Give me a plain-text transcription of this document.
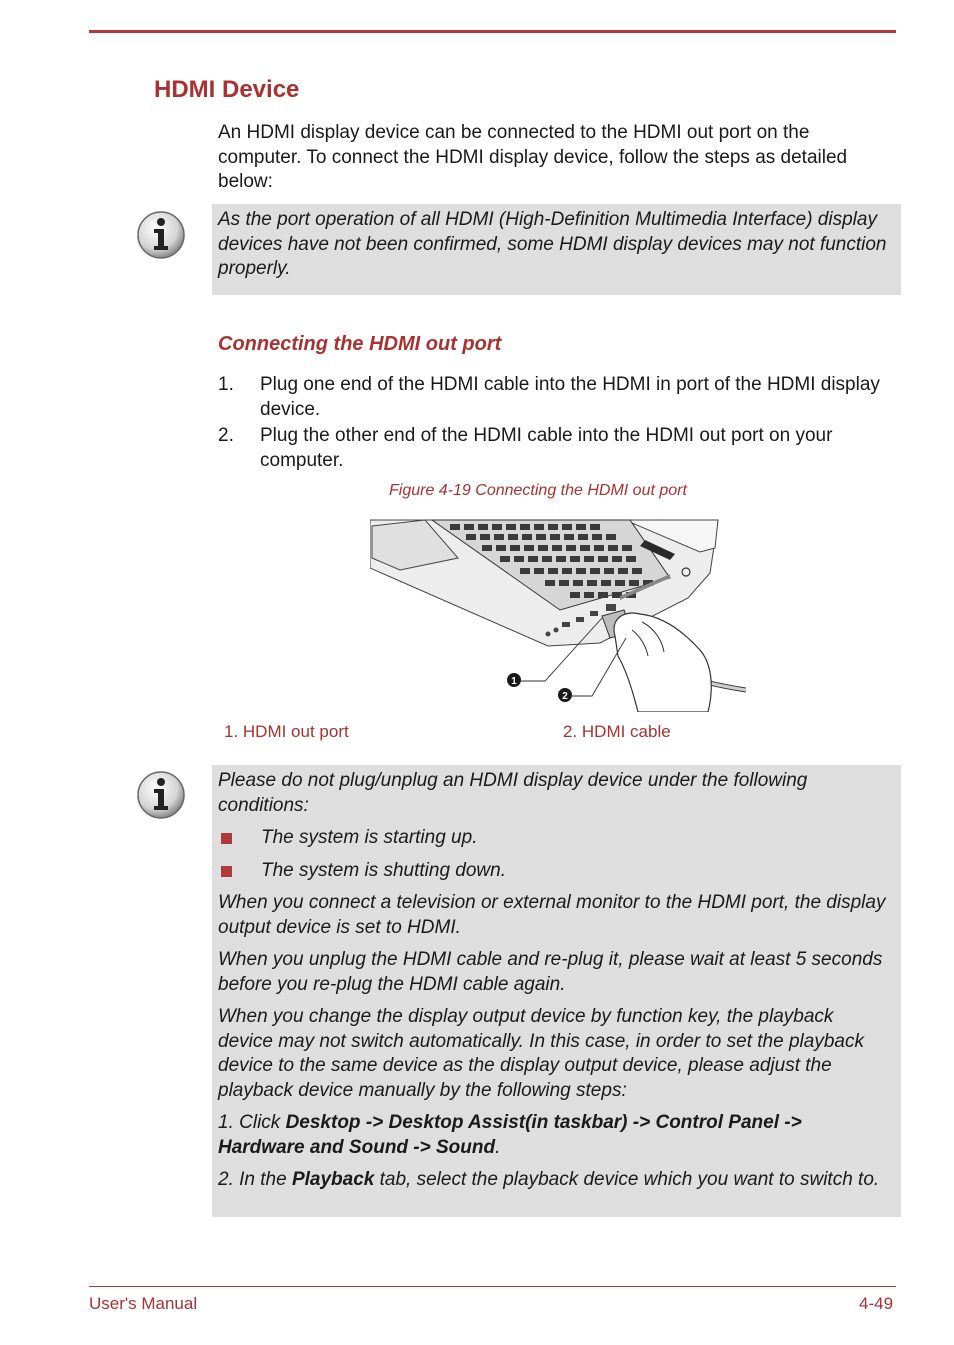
HDMI Device

An HDMI display device can be connected to the HDMI out port on the computer. To connect the HDMI display device, follow the steps as detailed below:

As the port operation of all HDMI (High-Definition Multimedia Interface) display devices have not been confirmed, some HDMI display devices may not function properly.

Connecting the HDMI out port
1. Plug one end of the HDMI cable into the HDMI in port of the HDMI display device.
2. Plug the other end of the HDMI cable into the HDMI out port on your computer.

Figure 4-19 Connecting the HDMI out port

1
2

1. HDMI out port	2. HDMI cable

Please do not plug/unplug an HDMI display device under the following conditions:

The system is starting up.

The system is shutting down.

When you connect a television or external monitor to the HDMI port, the display output device is set to HDMI.

When you unplug the HDMI cable and re-plug it, please wait at least 5 seconds before you re-plug the HDMI cable again.

When you change the display output device by function key, the playback device may not switch automatically. In this case, in order to set the playback device to the same device as the display output device, please adjust the playback device manually by the following steps:

1. Click Desktop -> Desktop Assist(in taskbar) -> Control Panel -> Hardware and Sound -> Sound.

2. In the Playback tab, select the playback device which you want to switch to.

User's Manual	4-49
